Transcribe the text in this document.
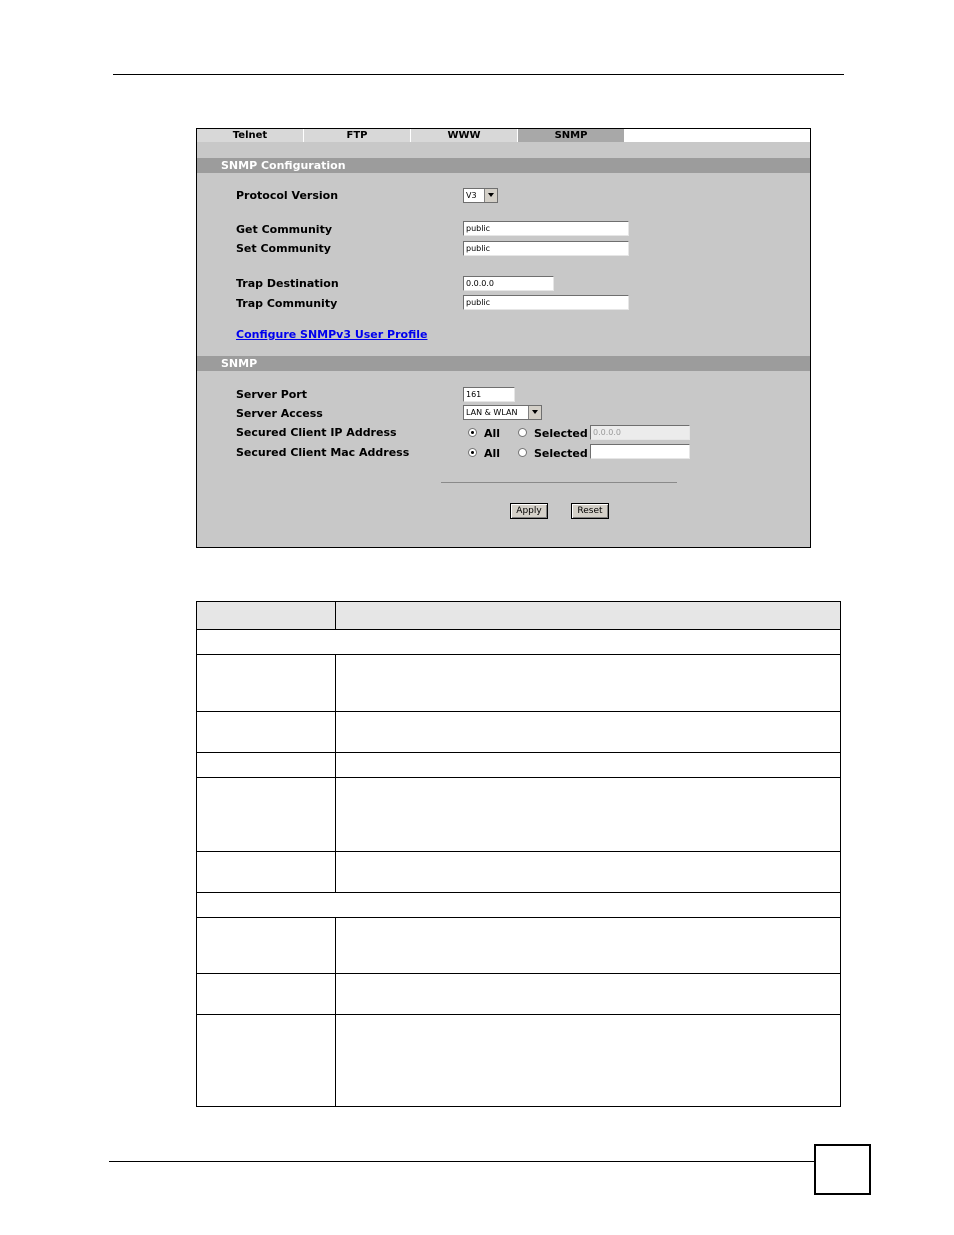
Telnet	FTP	WWW	SNMP
SNMP Configuration
Protocol Version	V3
Get Community	public
Set Community	public
Trap Destination	0.0.0.0
Trap Community	public
Configure SNMPv3 User Profile
SNMP
Server Port	161
Server Access	LAN & WLAN
Secured Client IP Address	All	Selected 0.0.0.0
Secured Client Mac Address	All	Selected
Apply	Reset
